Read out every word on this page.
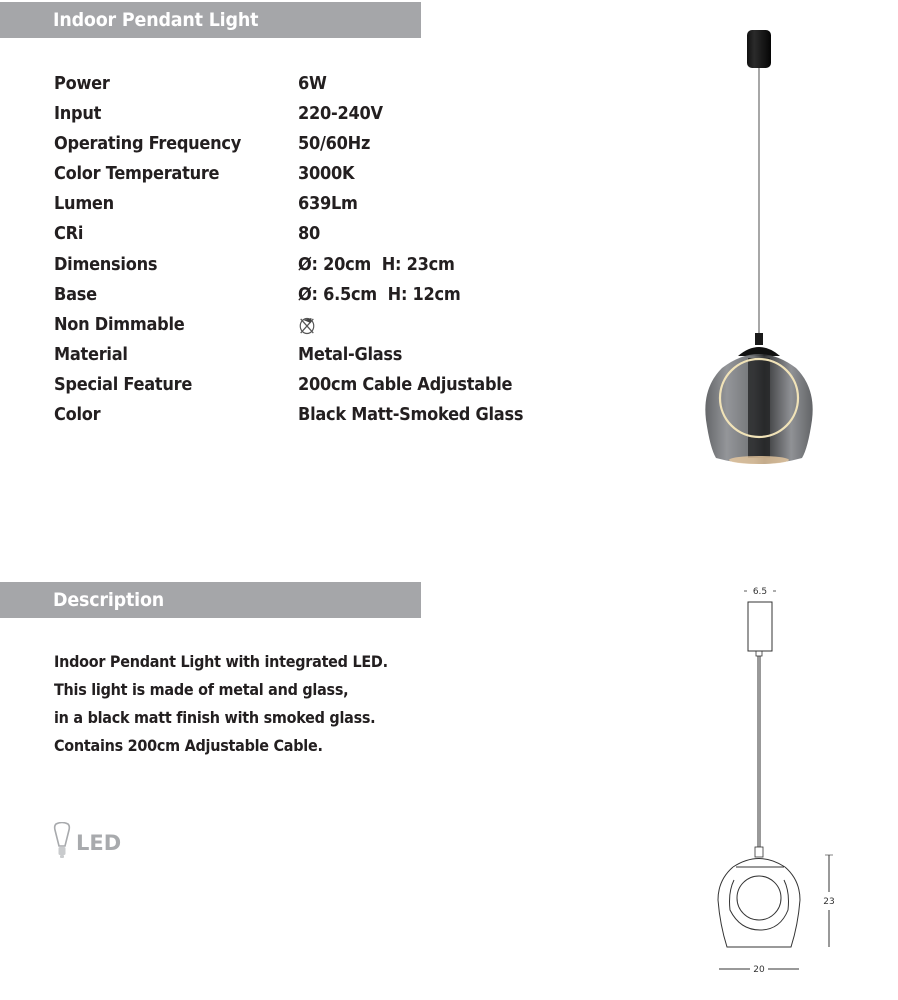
Indoor Pendant Light
Power	6W
Input	220-240V
Operating Frequency	50/60Hz
Color Temperature	3000K
Lumen	639Lm
CRi	80
Dimensions	Ø: 20cm  H: 23cm
Base	Ø: 6.5cm  H: 12cm
Non Dimmable
Material	Metal-Glass
Special Feature	200cm Cable Adjustable
Color	Black Matt-Smoked Glass
Description
Indoor Pendant Light with integrated LED.
This light is made of metal and glass,
in a black matt finish with smoked glass.
Contains 200cm Adjustable Cable.
LED
6.5
23
20
